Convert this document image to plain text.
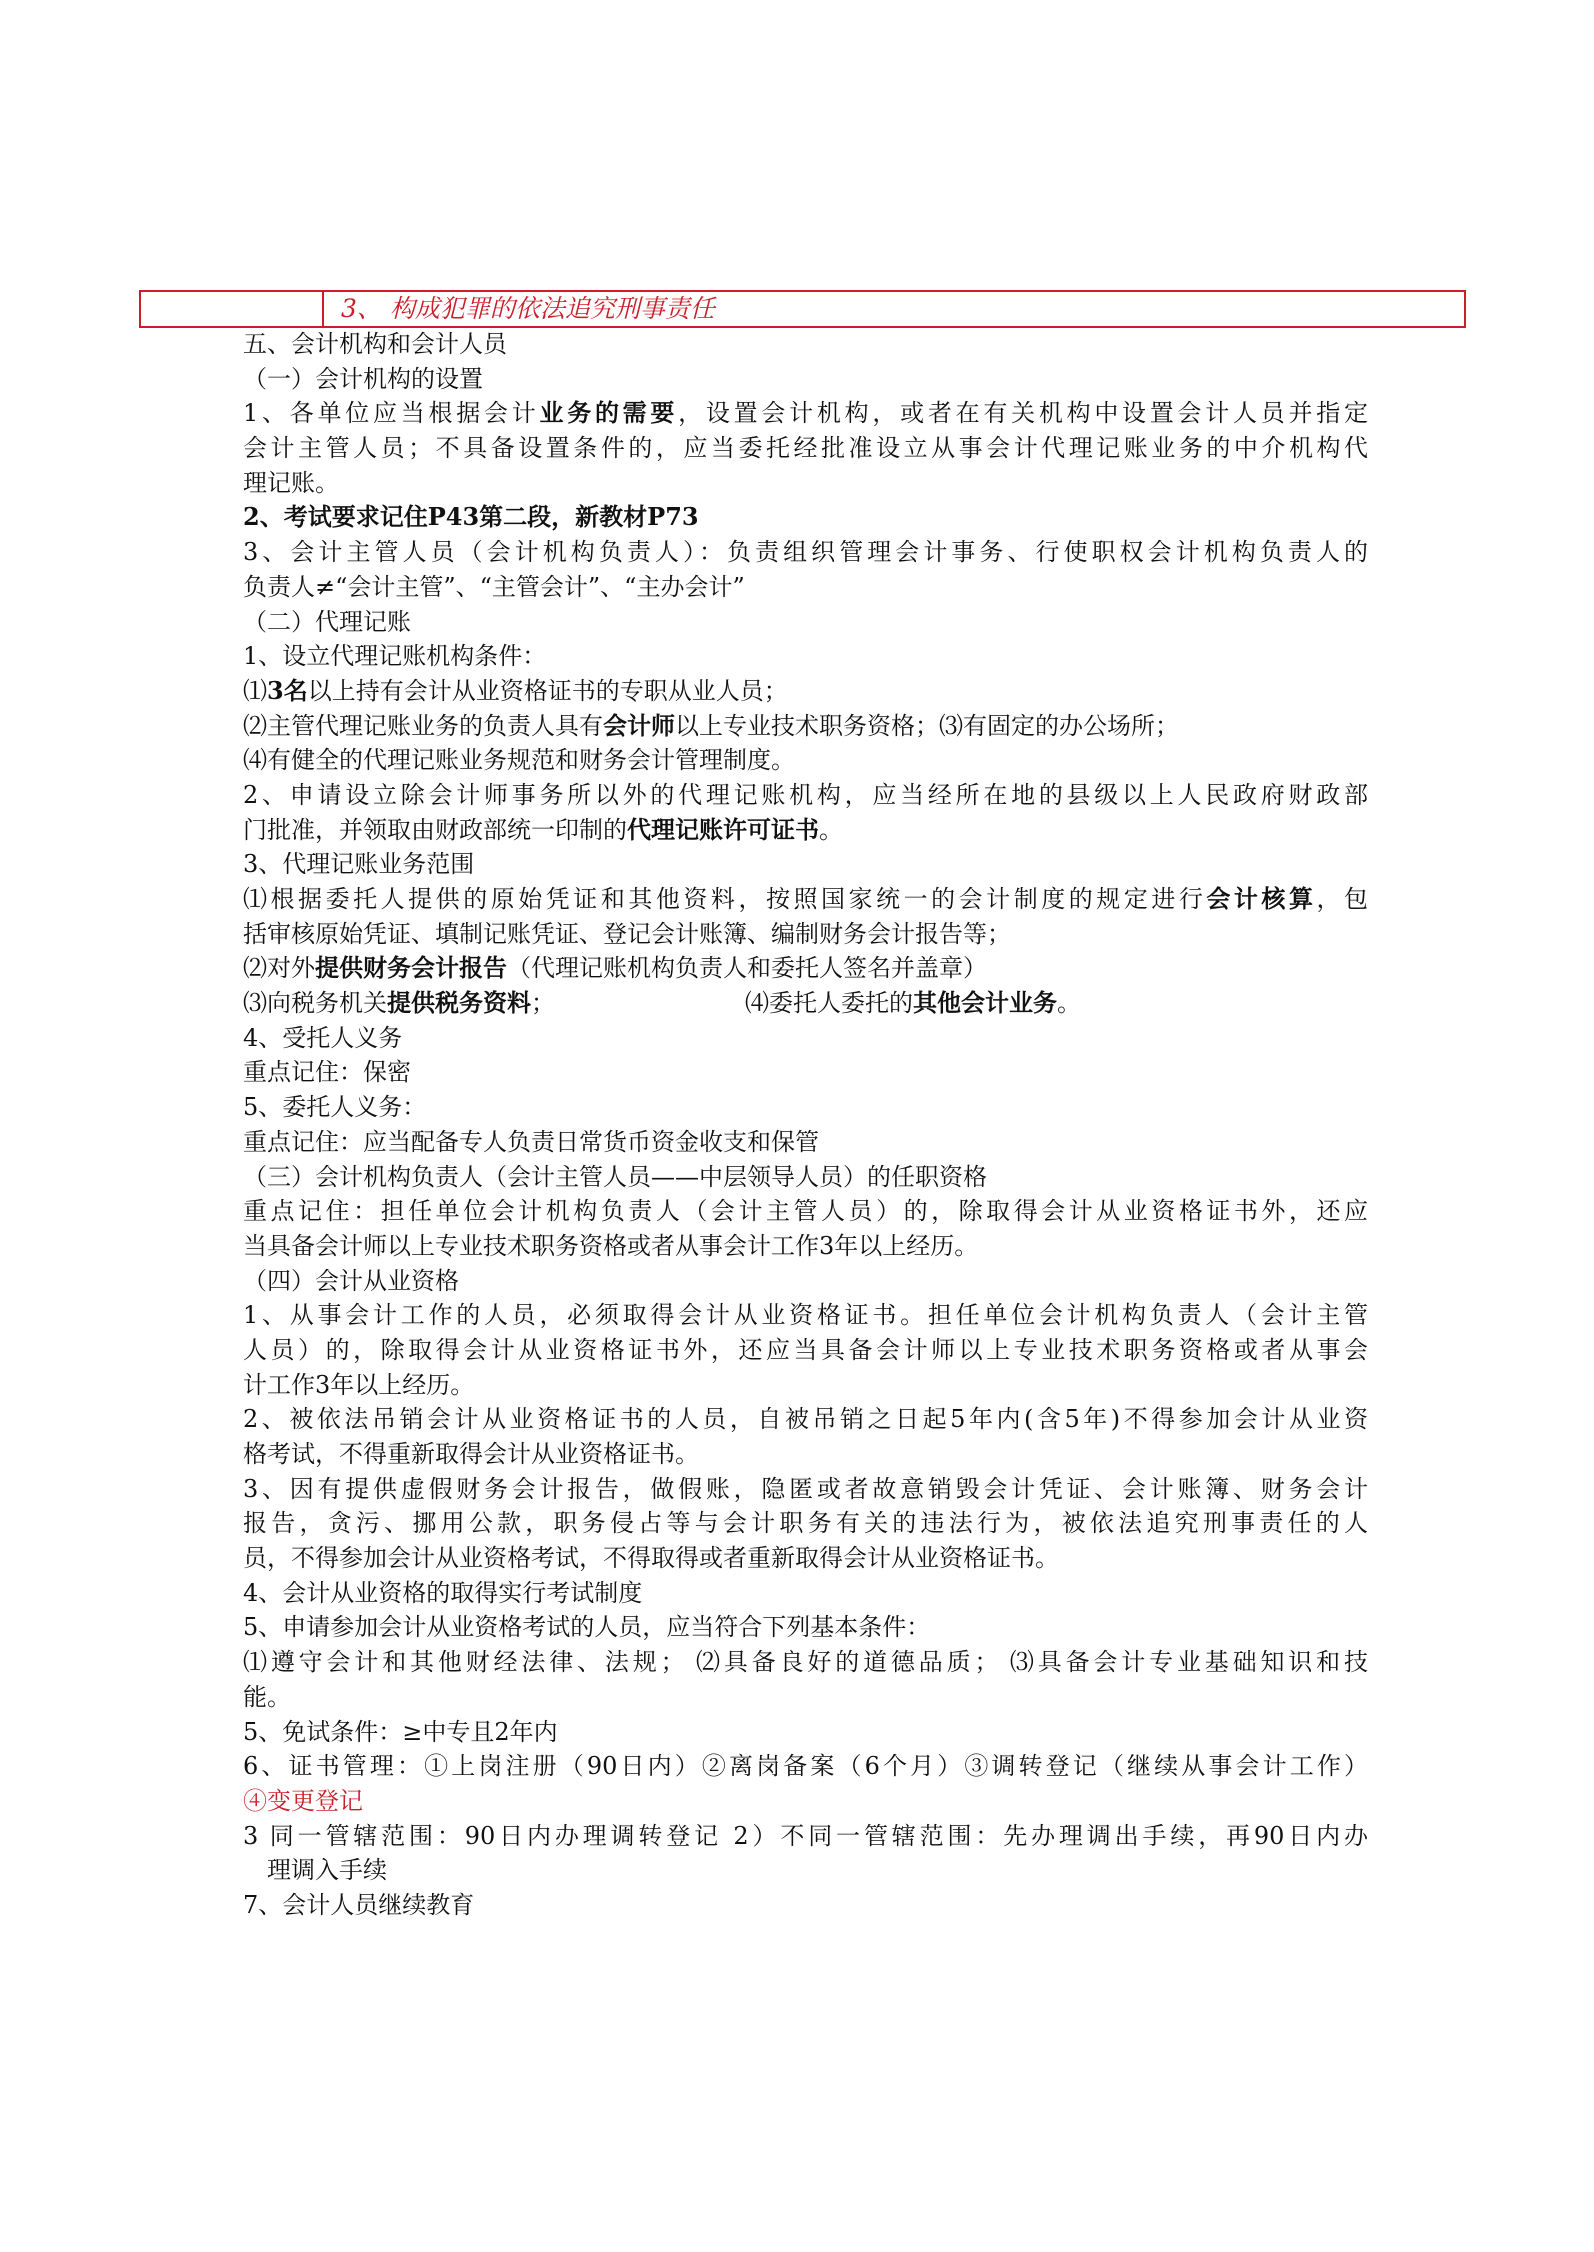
3、 构成犯罪的依法追究刑事责任
五、会计机构和会计人员
（一）会计机构的设置
1、各单位应当根据会计业务的需要，设置会计机构，或者在有关机构中设置会计人员并指定
会计主管人员；不具备设置条件的，应当委托经批准设立从事会计代理记账业务的中介机构代
理记账。
2、考试要求记住P43第二段，新教材P73
3、会计主管人员（会计机构负责人）：负责组织管理会计事务、行使职权会计机构负责人的
负责人≠“会计主管”、“主管会计”、“主办会计”
（二）代理记账
1、设立代理记账机构条件：
⑴3名以上持有会计从业资格证书的专职从业人员；
⑵主管代理记账业务的负责人具有会计师以上专业技术职务资格；⑶有固定的办公场所；
⑷有健全的代理记账业务规范和财务会计管理制度。
2、申请设立除会计师事务所以外的代理记账机构，应当经所在地的县级以上人民政府财政部
门批准，并领取由财政部统一印制的代理记账许可证书。
3、代理记账业务范围
⑴根据委托人提供的原始凭证和其他资料，按照国家统一的会计制度的规定进行会计核算，包
括审核原始凭证、填制记账凭证、登记会计账簿、编制财务会计报告等；
⑵对外提供财务会计报告（代理记账机构负责人和委托人签名并盖章）
⑶向税务机关提供税务资料；	⑷委托人委托的其他会计业务。
4、受托人义务
重点记住：保密
5、委托人义务：
重点记住：应当配备专人负责日常货币资金收支和保管
（三）会计机构负责人（会计主管人员——中层领导人员）的任职资格
重点记住：担任单位会计机构负责人（会计主管人员）的，除取得会计从业资格证书外，还应
当具备会计师以上专业技术职务资格或者从事会计工作3年以上经历。
（四）会计从业资格
1、从事会计工作的人员，必须取得会计从业资格证书。担任单位会计机构负责人（会计主管
人员）的，除取得会计从业资格证书外，还应当具备会计师以上专业技术职务资格或者从事会
计工作3年以上经历。
2、被依法吊销会计从业资格证书的人员，自被吊销之日起5年内(含5年)不得参加会计从业资
格考试，不得重新取得会计从业资格证书。
3、因有提供虚假财务会计报告，做假账，隐匿或者故意销毁会计凭证、会计账簿、财务会计
报告，贪污、挪用公款，职务侵占等与会计职务有关的违法行为，被依法追究刑事责任的人
员，不得参加会计从业资格考试，不得取得或者重新取得会计从业资格证书。
4、会计从业资格的取得实行考试制度
5、申请参加会计从业资格考试的人员，应当符合下列基本条件：
⑴遵守会计和其他财经法律、法规； ⑵具备良好的道德品质； ⑶具备会计专业基础知识和技
能。
5、免试条件：≥中专且2年内
6、证书管理：①上岗注册（90日内）②离岗备案（6个月）③调转登记（继续从事会计工作）
④变更登记
3 同一管辖范围：90日内办理调转登记 2）不同一管辖范围：先办理调出手续，再90日内办
理调入手续
7、会计人员继续教育
